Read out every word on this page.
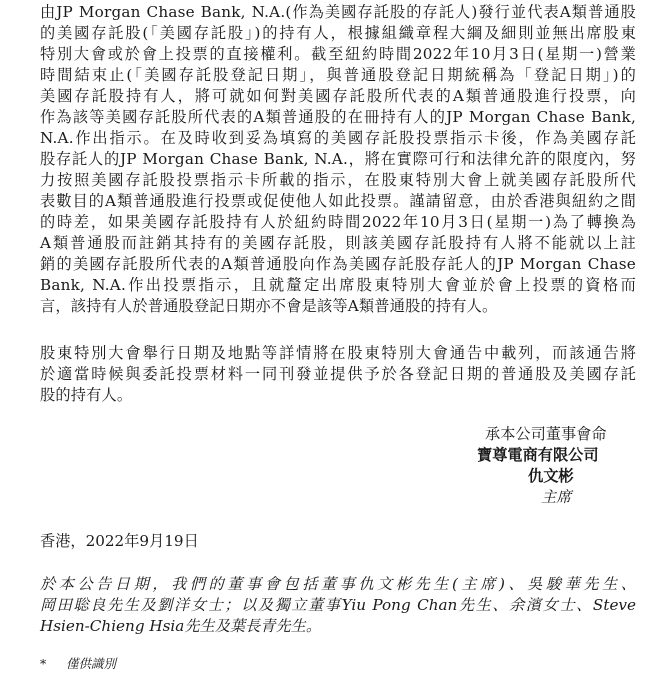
由JP Morgan Chase Bank, N.A.(作為美國存託股的存託人)發行並代表A類普通股
的美國存託股(「美國存託股」)的持有人，根據組織章程大綱及細則並無出席股東
特別大會或於會上投票的直接權利。截至紐約時間2022年10月3日(星期一)營業
時間結束止(「美國存託股登記日期」，與普通股登記日期統稱為「登記日期」)的
美國存託股持有人，將可就如何對美國存託股所代表的A類普通股進行投票，向
作為該等美國存託股所代表的A類普通股的在冊持有人的JP Morgan Chase Bank,
N.A.作出指示。在及時收到妥為填寫的美國存託股投票指示卡後，作為美國存託
股存託人的JP Morgan Chase Bank, N.A.，將在實際可行和法律允許的限度內，努
力按照美國存託股投票指示卡所載的指示，在股東特別大會上就美國存託股所代
表數目的A類普通股進行投票或促使他人如此投票。謹請留意，由於香港與紐約之間
的時差，如果美國存託股持有人於紐約時間2022年10月3日(星期一)為了轉換為
A類普通股而註銷其持有的美國存託股，則該美國存託股持有人將不能就以上註
銷的美國存託股所代表的A類普通股向作為美國存託股存託人的JP Morgan Chase
Bank, N.A.作出投票指示，且就釐定出席股東特別大會並於會上投票的資格而
言，該持有人於普通股登記日期亦不會是該等A類普通股的持有人。
股東特別大會舉行日期及地點等詳情將在股東特別大會通告中載列，而該通告將
於適當時候與委託投票材料一同刊發並提供予於各登記日期的普通股及美國存託
股的持有人。
承本公司董事會命
寶尊電商有限公司
仇文彬
主席
香港，2022年9月19日
於本公告日期，我們的董事會包括董事仇文彬先生(主席)、吳駿華先生、
岡田聡良先生及劉洋女士；以及獨立董事Yiu Pong Chan先生、余濱女士、Steve
Hsien-Chieng Hsia先生及葉長青先生。
* 僅供識別
